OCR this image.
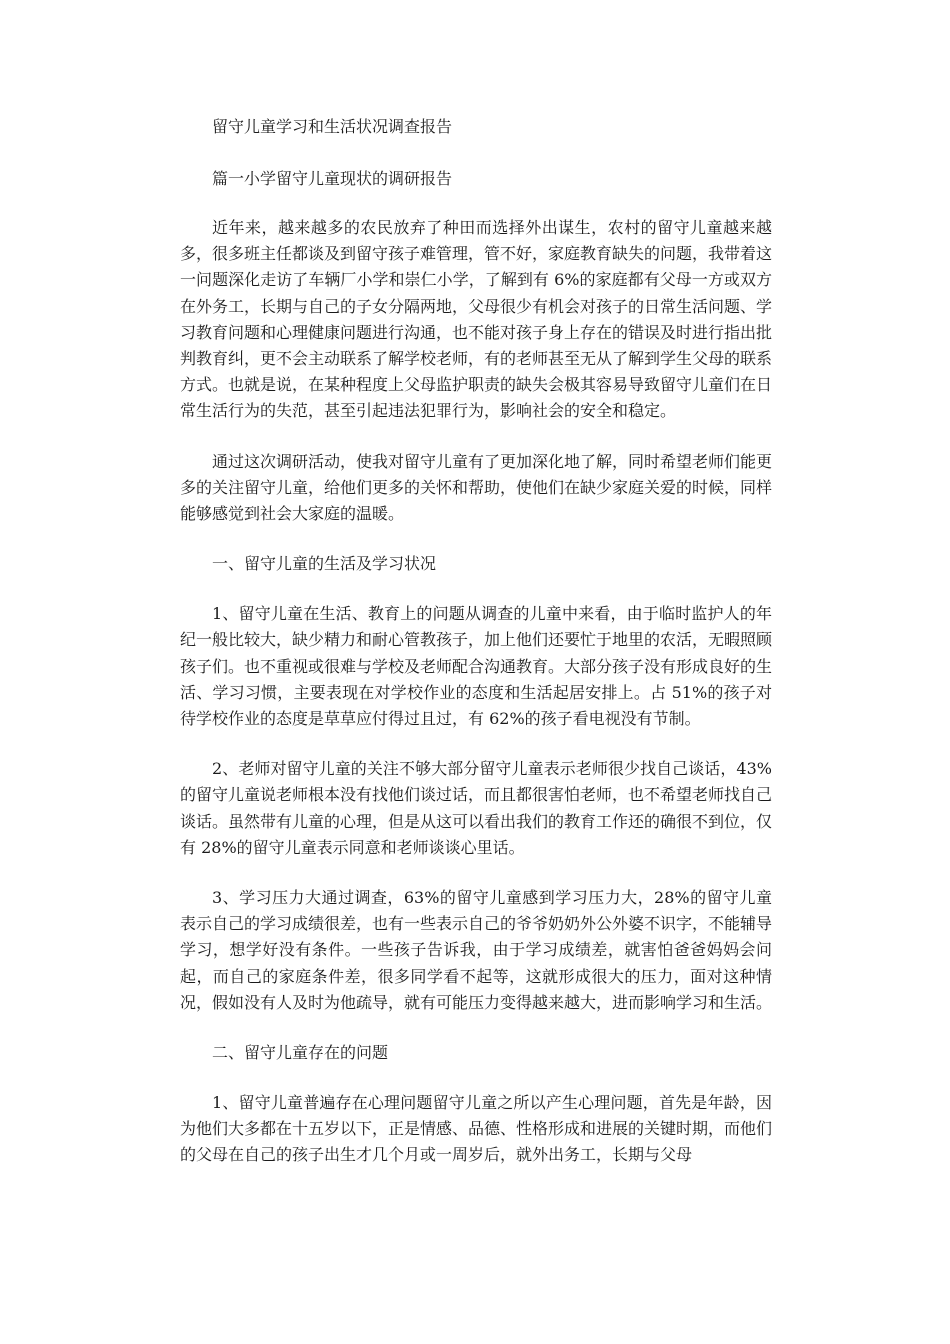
留守儿童学习和生活状况调查报告

篇一小学留守儿童现状的调研报告

近年来，越来越多的农民放弃了种田而选择外出谋生，农村的留守儿童越来越多，很多班主任都谈及到留守孩子难管理，管不好，家庭教育缺失的问题，我带着这一问题深化走访了车辆厂小学和崇仁小学，了解到有 6%的家庭都有父母一方或双方在外务工，长期与自己的子女分隔两地，父母很少有机会对孩子的日常生活问题、学习教育问题和心理健康问题进行沟通，也不能对孩子身上存在的错误及时进行指出批判教育纠，更不会主动联系了解学校老师，有的老师甚至无从了解到学生父母的联系方式。也就是说，在某种程度上父母监护职责的缺失会极其容易导致留守儿童们在日常生活行为的失范，甚至引起违法犯罪行为，影响社会的安全和稳定。

通过这次调研活动，使我对留守儿童有了更加深化地了解，同时希望老师们能更多的关注留守儿童，给他们更多的关怀和帮助，使他们在缺少家庭关爱的时候，同样能够感觉到社会大家庭的温暖。

一、留守儿童的生活及学习状况

1、留守儿童在生活、教育上的问题从调查的儿童中来看，由于临时监护人的年纪一般比较大，缺少精力和耐心管教孩子，加上他们还要忙于地里的农活，无暇照顾孩子们。也不重视或很难与学校及老师配合沟通教育。大部分孩子没有形成良好的生活、学习习惯，主要表现在对学校作业的态度和生活起居安排上。占 51%的孩子对待学校作业的态度是草草应付得过且过，有 62%的孩子看电视没有节制。

2、老师对留守儿童的关注不够大部分留守儿童表示老师很少找自己谈话，43%的留守儿童说老师根本没有找他们谈过话，而且都很害怕老师，也不希望老师找自己谈话。虽然带有儿童的心理，但是从这可以看出我们的教育工作还的确很不到位，仅有 28%的留守儿童表示同意和老师谈谈心里话。

3、学习压力大通过调查，63%的留守儿童感到学习压力大，28%的留守儿童表示自己的学习成绩很差，也有一些表示自己的爷爷奶奶外公外婆不识字，不能辅导学习，想学好没有条件。一些孩子告诉我，由于学习成绩差，就害怕爸爸妈妈会问起，而自己的家庭条件差，很多同学看不起等，这就形成很大的压力，面对这种情况，假如没有人及时为他疏导，就有可能压力变得越来越大，进而影响学习和生活。

二、留守儿童存在的问题

1、留守儿童普遍存在心理问题留守儿童之所以产生心理问题，首先是年龄，因为他们大多都在十五岁以下，正是情感、品德、性格形成和进展的关键时期，而他们的父母在自己的孩子出生才几个月或一周岁后，就外出务工，长期与父母
